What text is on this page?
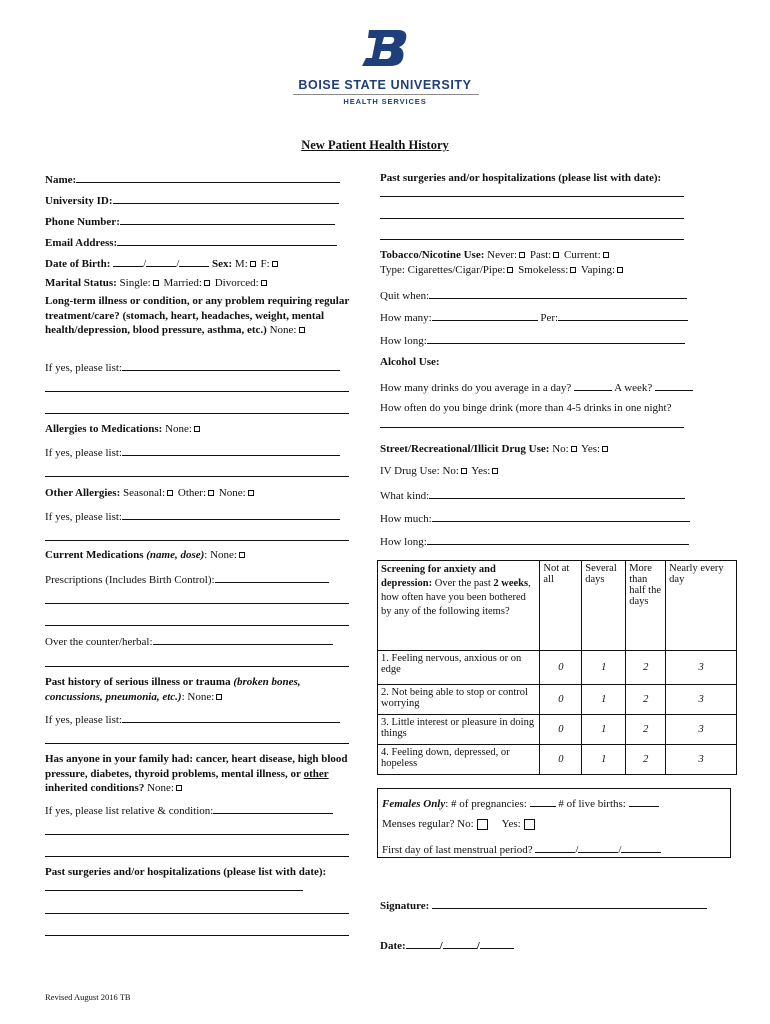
BOISE STATE UNIVERSITY
HEALTH SERVICES
New Patient Health History
Name:
University ID:
Phone Number:
Email Address:
Date of Birth:	/	/	Sex: M: F:
Marital Status: Single: Married: Divorced:
Long-term illness or condition, or any problem requiring regular treatment/care? (stomach, heart, headaches, weight, mental health/depression, blood pressure, asthma, etc.) None:
If yes, please list:
Allergies to Medications: None:
If yes, please list:
Other Allergies: Seasonal: Other: None:
If yes, please list:
Current Medications (name, dose): None:
Prescriptions (Includes Birth Control):
Over the counter/herbal:
Past history of serious illness or trauma (broken bones, concussions, pneumonia, etc.): None:
If yes, please list:
Has anyone in your family had: cancer, heart disease, high blood pressure, diabetes, thyroid problems, mental illness, or other inherited conditions? None:
If yes, please list relative & condition:
Past surgeries and/or hospitalizations (please list with date):
Revised August 2016 TB
Past surgeries and/or hospitalizations (please list with date):
Tobacco/Nicotine Use: Never: Past: Current:
Type: Cigarettes/Cigar/Pipe: Smokeless: Vaping:
Quit when:
How many:	Per:
How long:
Alcohol Use:
How many drinks do you average in a day?	A week?
How often do you binge drink (more than 4-5 drinks in one night?
Street/Recreational/Illicit Drug Use: No: Yes:
IV Drug Use: No: Yes:
What kind:
How much:
How long:
Screening for anxiety and depression: Over the past 2 weeks, how often have you been bothered by any of the following items?	Not at all	Several days	More than half the days	Nearly every day
1. Feeling nervous, anxious or on edge	0	1	2	3
2. Not being able to stop or control worrying	0	1	2	3
3. Little interest or pleasure in doing things	0	1	2	3
4. Feeling down, depressed, or hopeless	0	1	2	3
Females Only: # of pregnancies:	# of live births:
Menses regular? No:	Yes:
First day of last menstrual period?	/	/
Signature:
Date:	/	/
